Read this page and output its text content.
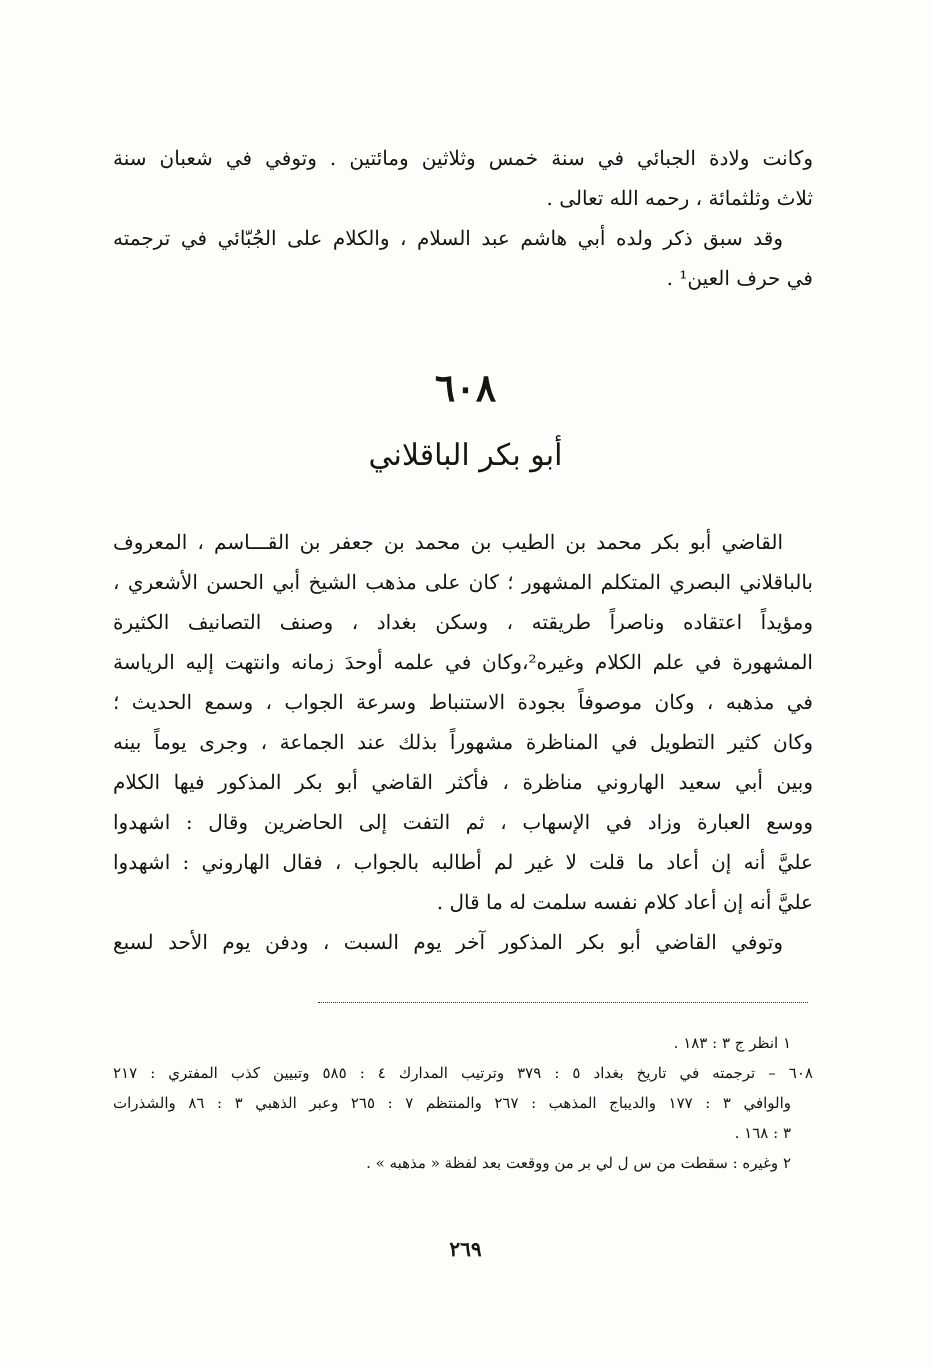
وكانت ولادة الجبائي في سنة خمس وثلاثين ومائتين . وتوفي في شعبان سنة
ثلاث وثلثمائة ، رحمه الله تعالى .
وقد سبق ذكر ولده أبي هاشم عبد السلام ، والكلام على الجُبّائي في ترجمته
في حرف العين¹ .
٦٠٨
أبو بكر الباقلاني
القاضي أبو بكر محمد بن الطيب بن محمد بن جعفر بن القـــاسم ، المعروف
بالباقلاني البصري المتكلم المشهور ؛ كان على مذهب الشيخ أبي الحسن الأشعري ،
ومؤيداً اعتقاده وناصراً طريقته ، وسكن بغداد ، وصنف التصانيف الكثيرة
المشهورة في علم الكلام وغيره²،وكان في علمه أوحدَ زمانه وانتهت إليه الرياسة
في مذهبه ، وكان موصوفاً بجودة الاستنباط وسرعة الجواب ، وسمع الحديث ؛
وكان كثير التطويل في المناظرة مشهوراً بذلك عند الجماعة ، وجرى يوماً بينه
وبين أبي سعيد الهاروني مناظرة ، فأكثر القاضي أبو بكر المذكور فيها الكلام
ووسع العبارة وزاد في الإسهاب ، ثم التفت إلى الحاضرين وقال : اشهدوا
عليَّ أنه إن أعاد ما قلت لا غير لم أطالبه بالجواب ، فقال الهاروني : اشهدوا
عليَّ أنه إن أعاد كلام نفسه سلمت له ما قال .
وتوفي القاضي أبو بكر المذكور آخر يوم السبت ، ودفن يوم الأحد لسبع
١ انظر ج ٣ : ١٨٣ .
٦٠٨ – ترجمته في تاريخ بغداد ٥ : ٣٧٩ وترتيب المدارك ٤ : ٥٨٥ وتبيين كذب المفتري : ٢١٧
والوافي ٣ : ١٧٧ والديباج المذهب : ٢٦٧ والمنتظم ٧ : ٢٦٥ وعبر الذهبي ٣ : ٨٦ والشذرات
٣ : ١٦٨ .
٢ وغيره : سقطت من س ل لي بر من ووقعت بعد لفظة « مذهبه » .
٢٦٩
